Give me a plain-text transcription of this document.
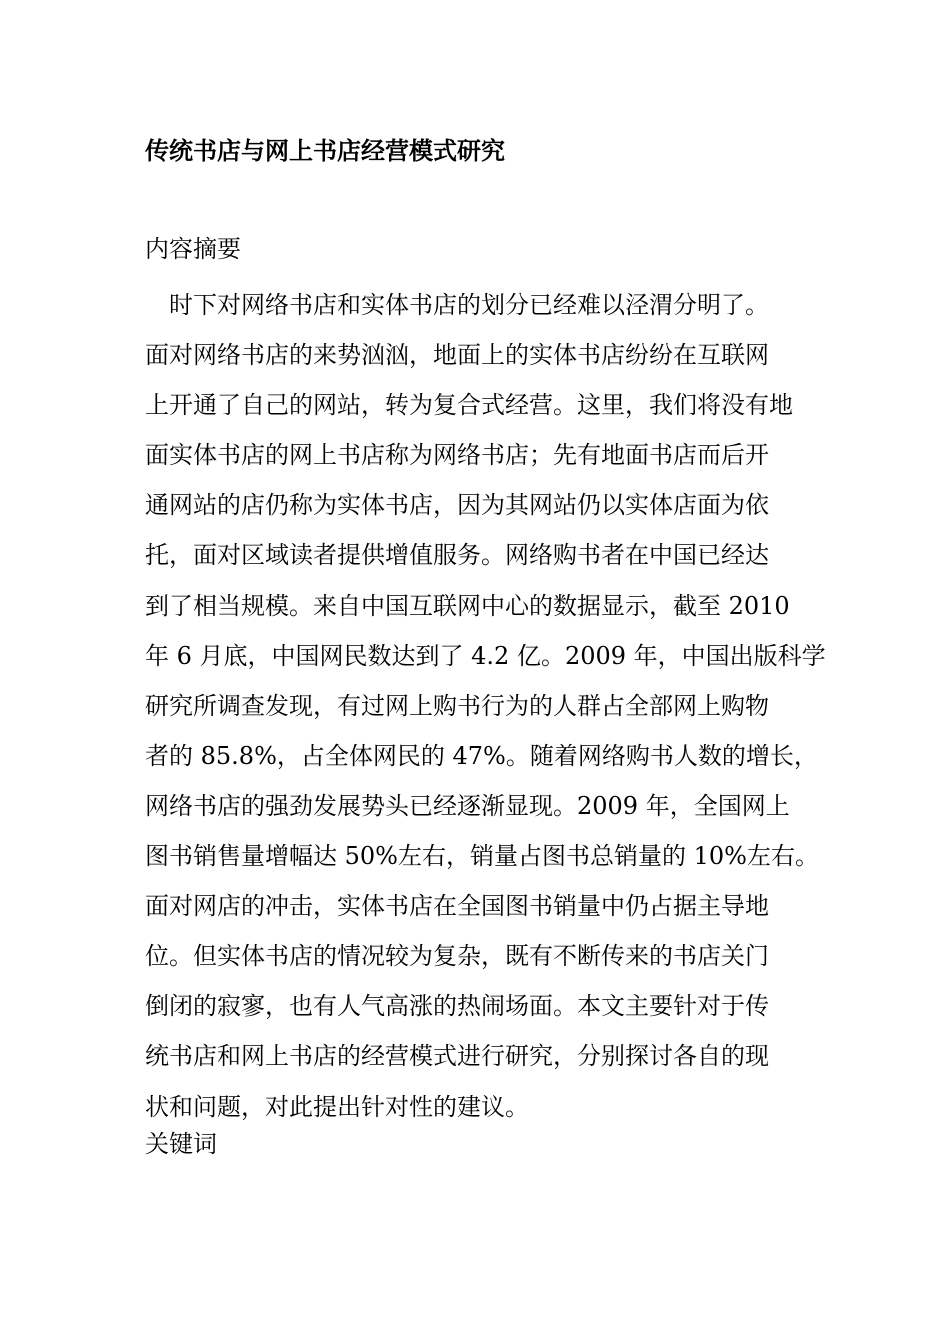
传统书店与网上书店经营模式研究

内容摘要

时下对网络书店和实体书店的划分已经难以泾渭分明了。
面对网络书店的来势汹汹，地面上的实体书店纷纷在互联网
上开通了自己的网站，转为复合式经营。这里，我们将没有地
面实体书店的网上书店称为网络书店；先有地面书店而后开
通网站的店仍称为实体书店，因为其网站仍以实体店面为依
托，面对区域读者提供增值服务。网络购书者在中国已经达
到了相当规模。来自中国互联网中心的数据显示，截至 2010
年 6 月底，中国网民数达到了 4.2 亿。2009 年，中国出版科学
研究所调查发现，有过网上购书行为的人群占全部网上购物
者的 85.8%，占全体网民的 47%。随着网络购书人数的增长，
网络书店的强劲发展势头已经逐渐显现。2009 年，全国网上
图书销售量增幅达 50%左右，销量占图书总销量的 10%左右。
面对网店的冲击，实体书店在全国图书销量中仍占据主导地
位。但实体书店的情况较为复杂，既有不断传来的书店关门
倒闭的寂寥，也有人气高涨的热闹场面。本文主要针对于传
统书店和网上书店的经营模式进行研究，分别探讨各自的现
状和问题，对此提出针对性的建议。

关键词
